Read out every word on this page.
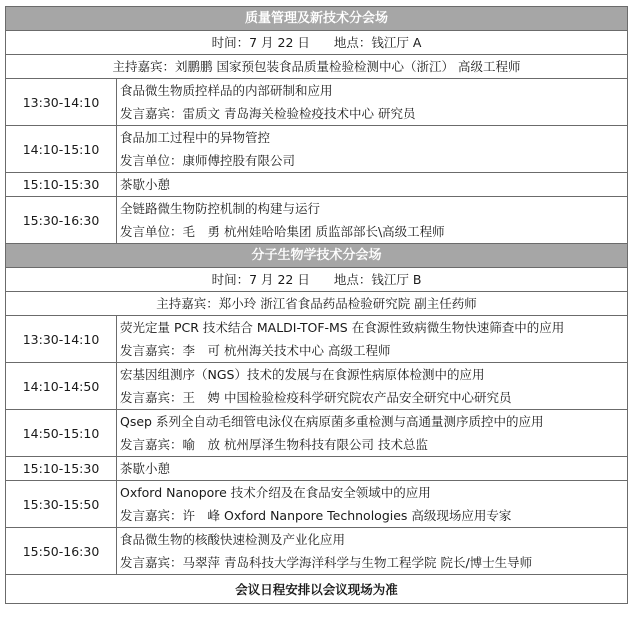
质量管理及新技术分会场	
时间：7 月 22 日 地点：钱江厅 A	
主持嘉宾：刘鹏鹏 国家预包装食品质量检验检测中心（浙江） 高级工程师	
13:30-14:10	食品微生物质控样品的内部研制和应用
发言嘉宾：雷质文 青岛海关检验检疫技术中心 研究员

14:10-15:10	食品加工过程中的异物管控
发言单位：康师傅控股有限公司

15:10-15:30	茶歇小憩
15:30-16:30	全链路微生物防控机制的构建与运行
发言单位：毛　勇 杭州娃哈哈集团 质监部部长\高级工程师

分子生物学技术分会场	
时间：7 月 22 日 地点：钱江厅 B	
主持嘉宾：郑小玲 浙江省食品药品检验研究院 副主任药师	
13:30-14:10	荧光定量 PCR 技术结合 MALDI-TOF-MS 在食源性致病微生物快速筛查中的应用
发言嘉宾：李　可 杭州海关技术中心 高级工程师

14:10-14:50	宏基因组测序（NGS）技术的发展与在食源性病原体检测中的应用
发言嘉宾：王　娉 中国检验检疫科学研究院农产品安全研究中心研究员

14:50-15:10	Qsep 系列全自动毛细管电泳仪在病原菌多重检测与高通量测序质控中的应用
发言嘉宾：喻　放 杭州厚泽生物科技有限公司 技术总监

15:10-15:30	茶歇小憩
15:30-15:50	Oxford Nanopore 技术介绍及在食品安全领域中的应用
发言嘉宾：许　峰 Oxford Nanpore Technologies 高级现场应用专家

15:50-16:30	食品微生物的核酸快速检测及产业化应用
发言嘉宾：马翠萍 青岛科技大学海洋科学与生物工程学院 院长/博士生导师

会议日程安排以会议现场为准	
